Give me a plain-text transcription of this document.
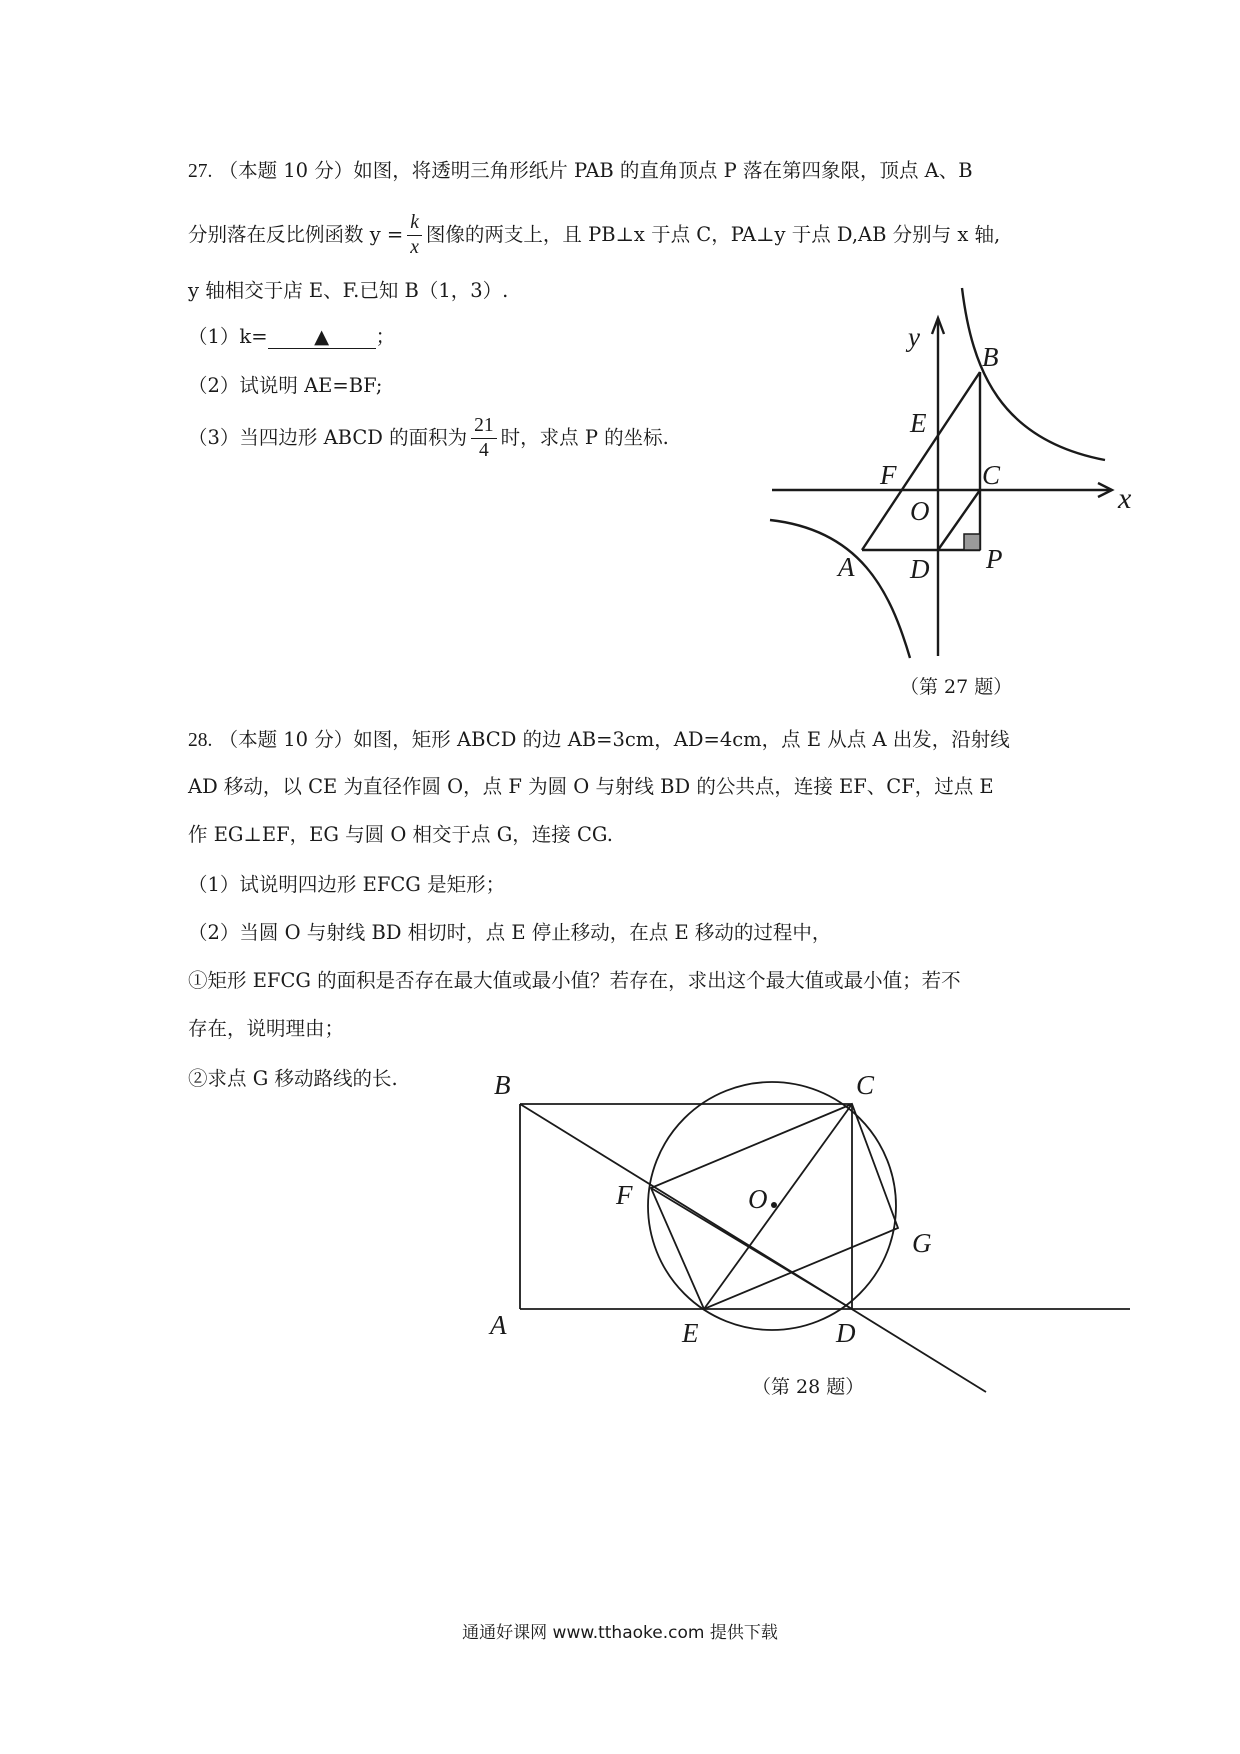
27. （本题 10 分）如图，将透明三角形纸片 PAB 的直角顶点 P 落在第四象限，顶点 A、B
分别落在反比例函数 $y = \frac{k}{x}$ 图像的两支上，且 PB⊥x 于点 C，PA⊥y 于点 D,AB 分别与 x 轴,
y 轴相交于店 E、F.已知 B（1，3）.
（1）k= ▲ ；
（2）试说明 AE=BF;
（3）当四边形 ABCD 的面积为 $\frac{21}{4}$ 时，求点 P 的坐标.
y
x
B
E
F	C
O
A D P
（第 27 题）
28. （本题 10 分）如图，矩形 ABCD 的边 AB=3cm，AD=4cm，点 E 从点 A 出发，沿射线
AD 移动，以 CE 为直径作圆 O，点 F 为圆 O 与射线 BD 的公共点，连接 EF、CF，过点 E
作 EG⊥EF，EG 与圆 O 相交于点 G，连接 CG.
（1）试说明四边形 EFCG 是矩形；
（2）当圆 O 与射线 BD 相切时，点 E 停止移动，在点 E 移动的过程中，
①矩形 EFCG 的面积是否存在最大值或最小值？若存在，求出这个最大值或最小值；若不
存在，说明理由；
②求点 G 移动路线的长.	B	C
F	O
G
A	E	D
（第 28 题）
通通好课网 www.tthaoke.com 提供下载
